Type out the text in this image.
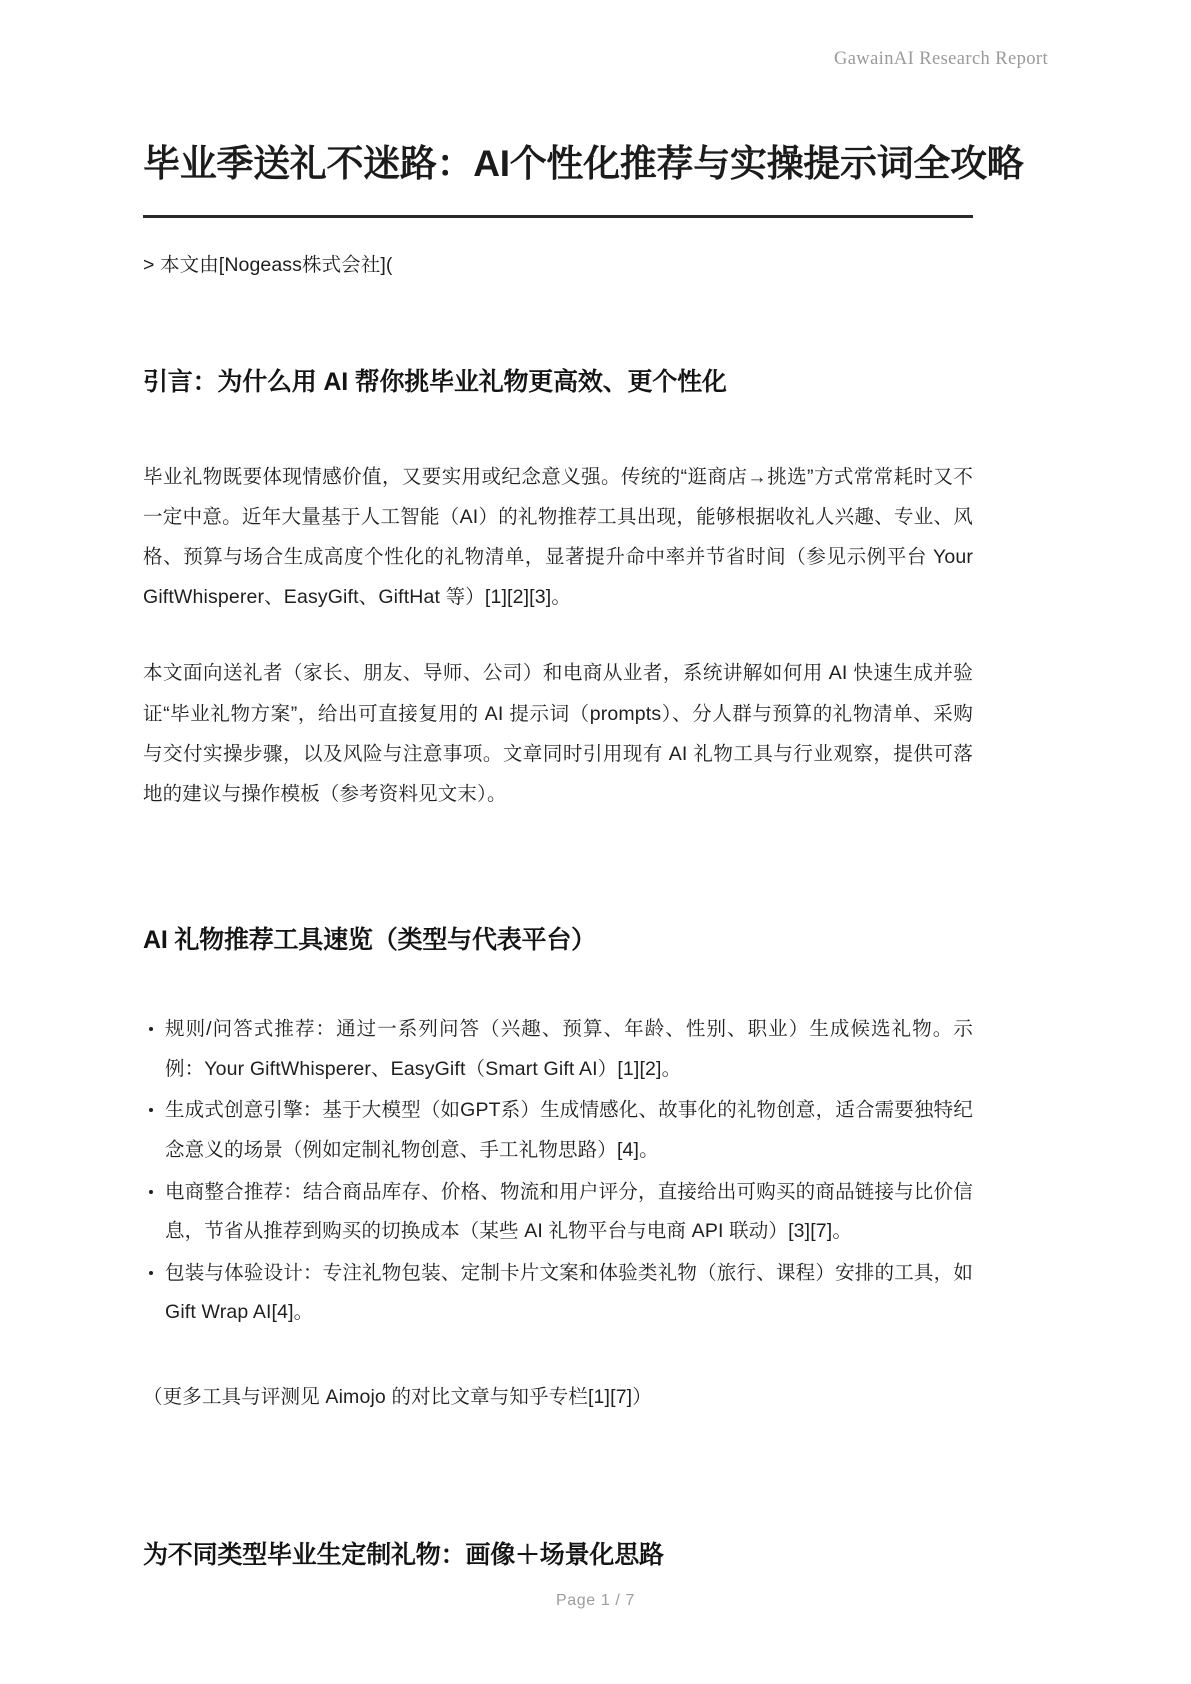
GawainAI Research Report
毕业季送礼不迷路：AI个性化推荐与实操提示词全攻略

> 本文由[Nogeass株式会社](

引言：为什么用 AI 帮你挑毕业礼物更高效、更个性化

毕业礼物既要体现情感价值，又要实用或纪念意义强。传统的“逛商店→挑选”方式常常耗时又不一定中意。近年大量基于人工智能（AI）的礼物推荐工具出现，能够根据收礼人兴趣、专业、风格、预算与场合生成高度个性化的礼物清单，显著提升命中率并节省时间（参见示例平台 Your GiftWhisperer、EasyGift、GiftHat 等）[1][2][3]。

本文面向送礼者（家长、朋友、导师、公司）和电商从业者，系统讲解如何用 AI 快速生成并验证“毕业礼物方案”，给出可直接复用的 AI 提示词（prompts）、分人群与预算的礼物清单、采购与交付实操步骤，以及风险与注意事项。文章同时引用现有 AI 礼物工具与行业观察，提供可落地的建议与操作模板（参考资料见文末）。

AI 礼物推荐工具速览（类型与代表平台）
规则/问答式推荐：通过一系列问答（兴趣、预算、年龄、性别、职业）生成候选礼物。示例：Your GiftWhisperer、EasyGift（Smart Gift AI）[1][2]。
生成式创意引擎：基于大模型（如GPT系）生成情感化、故事化的礼物创意，适合需要独特纪念意义的场景（例如定制礼物创意、手工礼物思路）[4]。
电商整合推荐：结合商品库存、价格、物流和用户评分，直接给出可购买的商品链接与比价信息，节省从推荐到购买的切换成本（某些 AI 礼物平台与电商 API 联动）[3][7]。
包装与体验设计：专注礼物包装、定制卡片文案和体验类礼物（旅行、课程）安排的工具，如 Gift Wrap AI[4]。

（更多工具与评测见 Aimojo 的对比文章与知乎专栏[1][7]）

为不同类型毕业生定制礼物：画像＋场景化思路
Page 1 / 7
